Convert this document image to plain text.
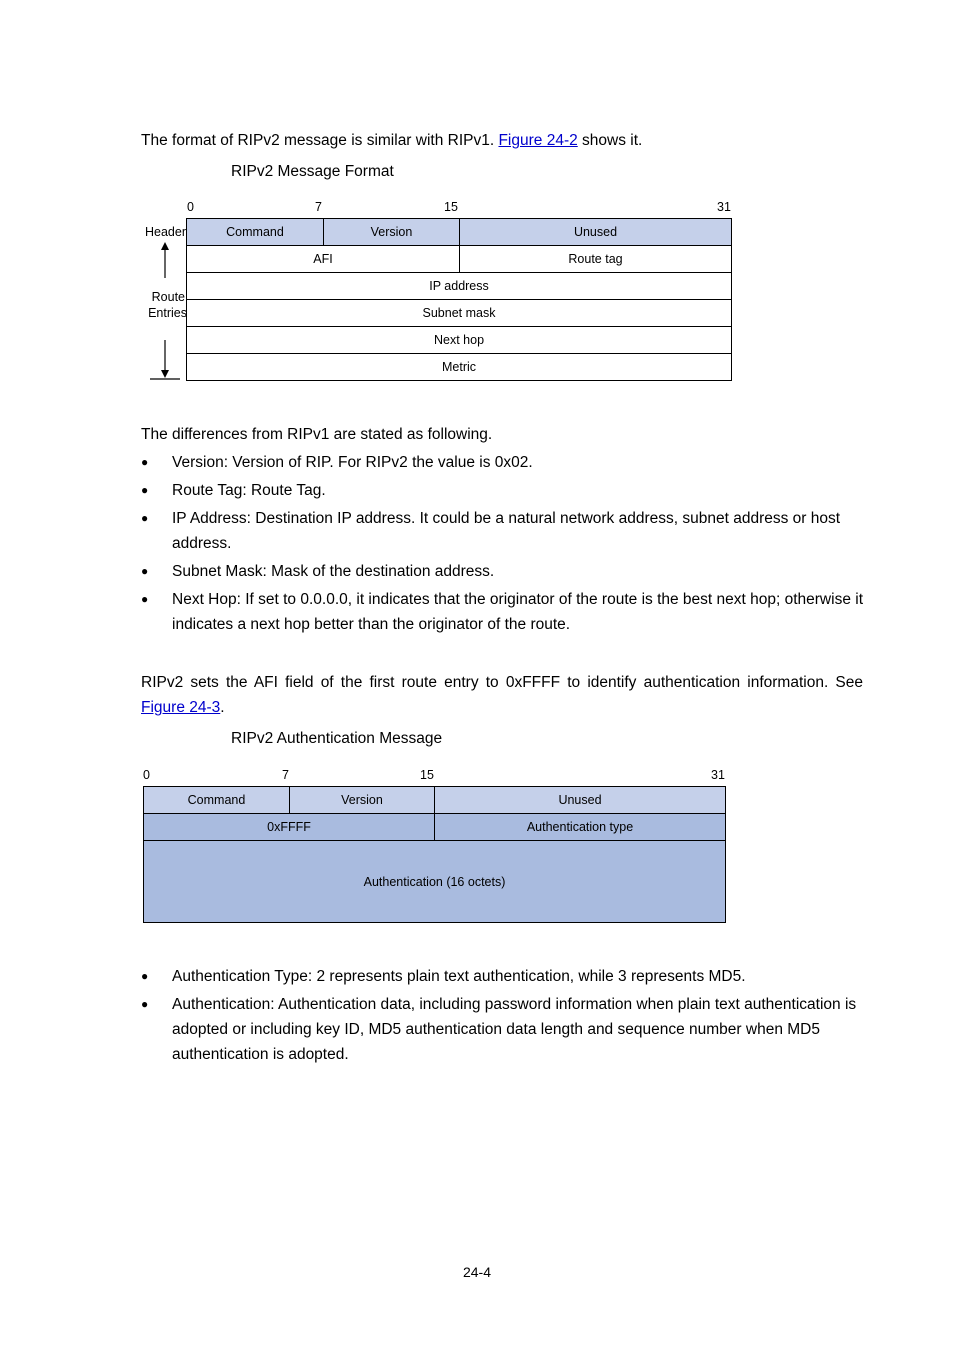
The format of RIPv2 message is similar with RIPv1. Figure 24-2 shows it.

RIPv2 Message Format

0	7	15	31
Header
Route
Entries
Command	Version	Unused
AFI	Route tag
IP address
Subnet mask
Next hop
Metric

The differences from RIPv1 are stated as following.

● Version: Version of RIP. For RIPv2 the value is 0x02.
● Route Tag: Route Tag.
● IP Address: Destination IP address. It could be a natural network address, subnet address or host address.
● Subnet Mask: Mask of the destination address.
● Next Hop: If set to 0.0.0.0, it indicates that the originator of the route is the best next hop; otherwise it indicates a next hop better than the originator of the route.

RIPv2 sets the AFI field of the first route entry to 0xFFFF to identify authentication information. See Figure 24-3.

RIPv2 Authentication Message

0	7	15	31
Command	Version	Unused
0xFFFF	Authentication type
Authentication (16 octets)
● Authentication Type: 2 represents plain text authentication, while 3 represents MD5.
● Authentication: Authentication data, including password information when plain text authentication is adopted or including key ID, MD5 authentication data length and sequence number when MD5 authentication is adopted.
24-4
